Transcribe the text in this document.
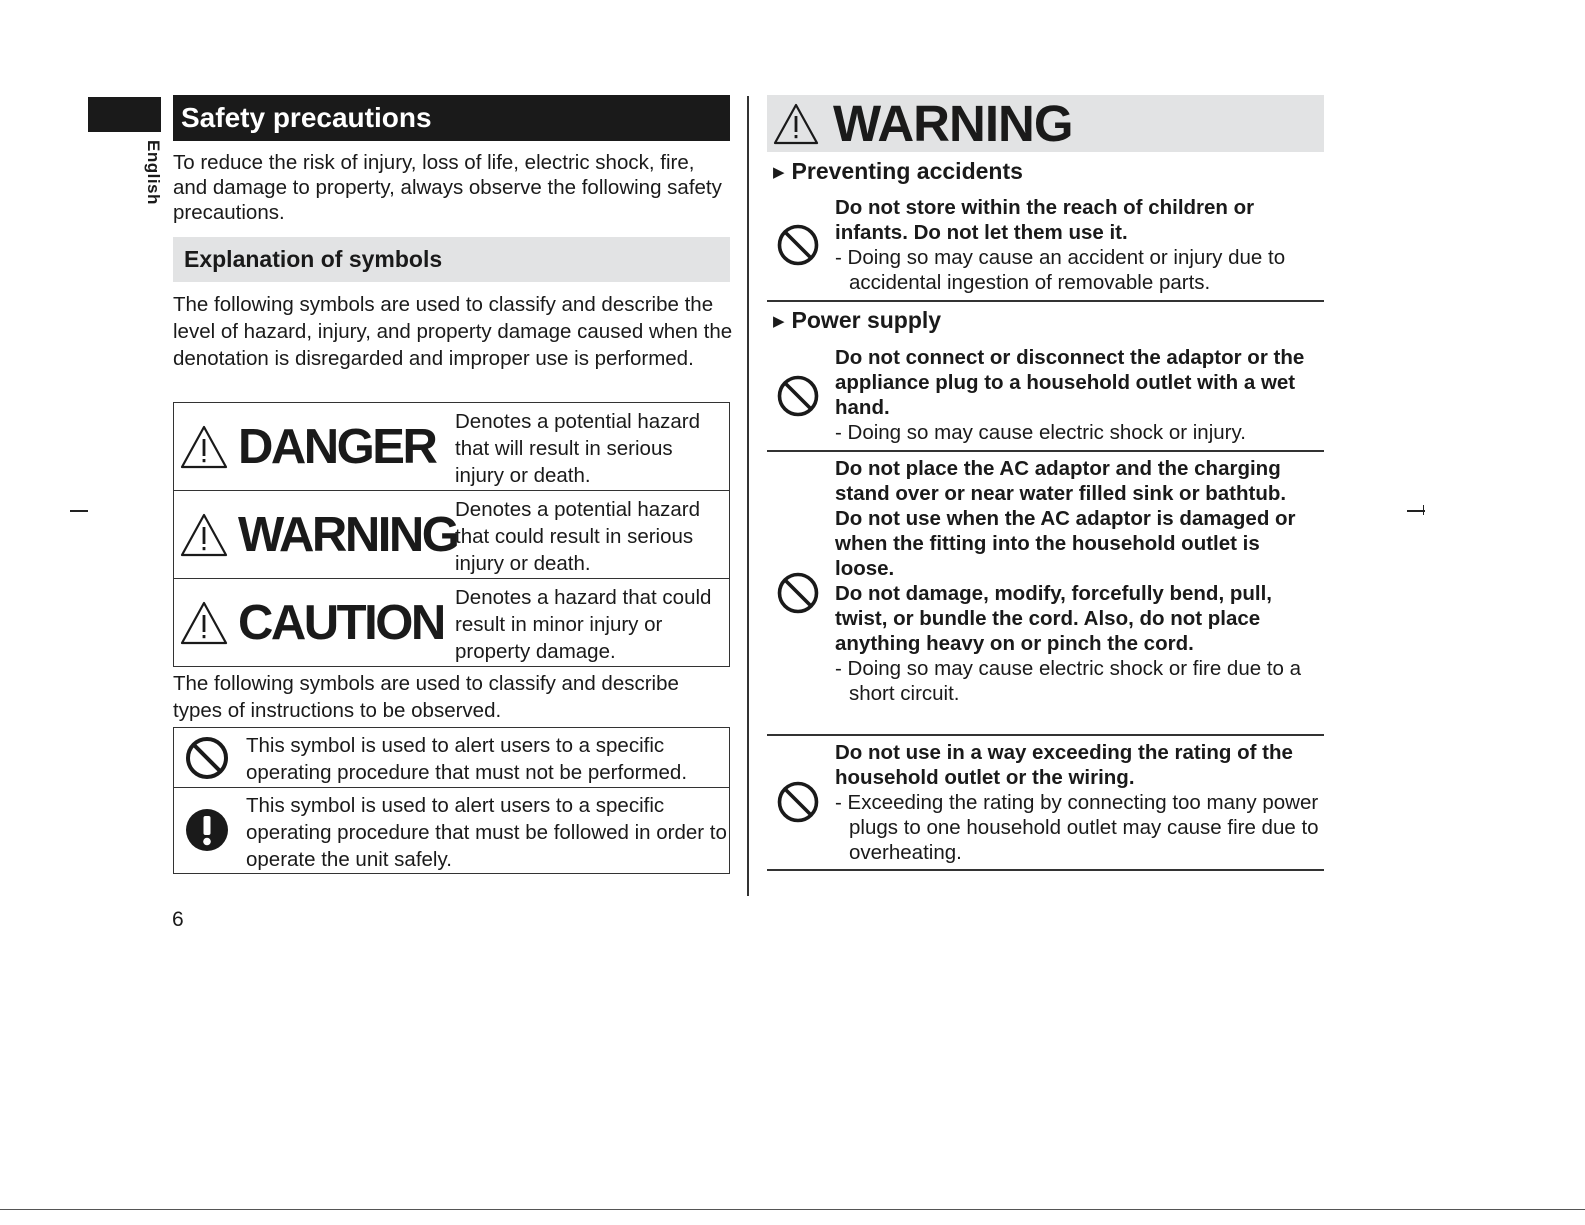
English
Safety precautions
To reduce the risk of injury, loss of life, electric shock, fire, and damage to property, always observe the following safety precautions.
Explanation of symbols
The following symbols are used to classify and describe the level of hazard, injury, and property damage caused when the denotation is disregarded and improper use is performed.
DANGER Denotes a potential hazard that will result in serious injury or death.
WARNING
Denotes a potential hazard that could result in serious injury or death.
CAUTION Denotes a hazard that could result in minor injury or property damage.
The following symbols are used to classify and describe types of instructions to be observed.
This symbol is used to alert users to a specific operating procedure that must not be performed.
This symbol is used to alert users to a specific operating procedure that must be followed in order to operate the unit safely.
6
WARNING
▶ Preventing accidents
Do not store within the reach of children or infants. Do not let them use it.
- Doing so may cause an accident or injury due to accidental ingestion of removable parts.
▶ Power supply
Do not connect or disconnect the adaptor or the appliance plug to a household outlet with a wet hand.
- Doing so may cause electric shock or injury.
Do not place the AC adaptor and the charging stand over or near water filled sink or bathtub.
Do not use when the AC adaptor is damaged or when the fitting into the household outlet is loose.
Do not damage, modify, forcefully bend, pull, twist, or bundle the cord. Also, do not place anything heavy on or pinch the cord.
- Doing so may cause electric shock or fire due to a short circuit.
Do not use in a way exceeding the rating of the household outlet or the wiring.
- Exceeding the rating by connecting too many power plugs to one household outlet may cause fire due to overheating.
